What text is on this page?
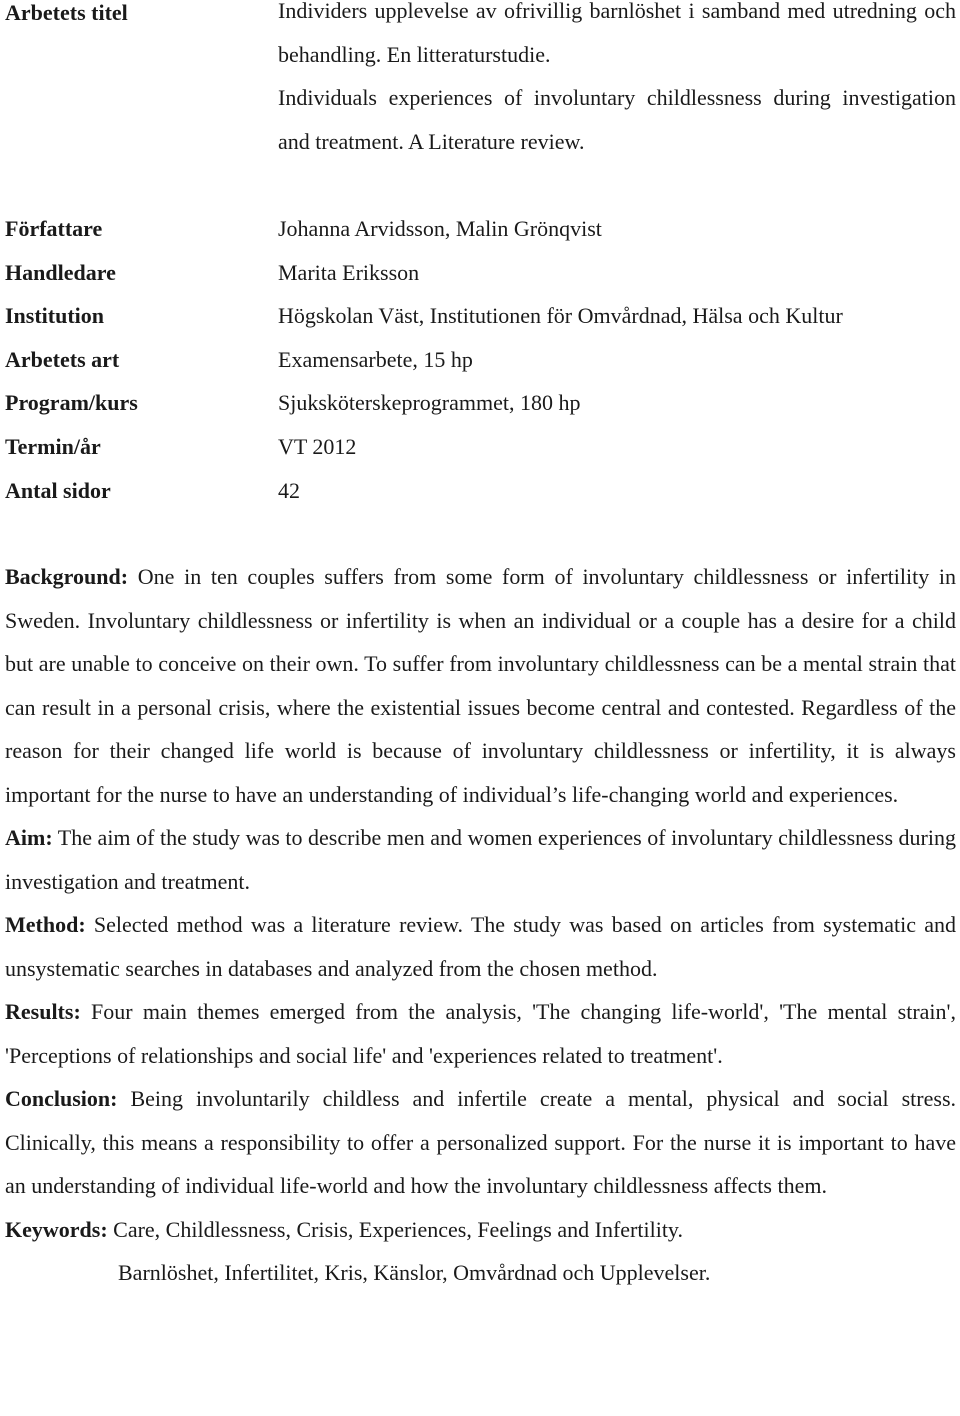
Arbetets titel	Individers upplevelse av ofrivillig barnlöshet i samband med utredning och behandling. En litteraturstudie.
Individuals experiences of involuntary childlessness during investigation and treatment. A Literature review.
Författare	Johanna Arvidsson, Malin Grönqvist
Handledare	Marita Eriksson
Institution	Högskolan Väst, Institutionen för Omvårdnad, Hälsa och Kultur
Arbetets art	Examensarbete, 15 hp
Program/kurs	Sjuksköterskeprogrammet, 180 hp
Termin/år	VT 2012
Antal sidor	42

Background: One in ten couples suffers from some form of involuntary childlessness or infertility in Sweden. Involuntary childlessness or infertility is when an individual or a couple has a desire for a child but are unable to conceive on their own. To suffer from involuntary childlessness can be a mental strain that can result in a personal crisis, where the existential issues become central and contested. Regardless of the reason for their changed life world is because of involuntary childlessness or infertility, it is always important for the nurse to have an understanding of individual’s life-changing world and experiences.

Aim: The aim of the study was to describe men and women experiences of involuntary childlessness during investigation and treatment.

Method: Selected method was a literature review. The study was based on articles from systematic and unsystematic searches in databases and analyzed from the chosen method.

Results: Four main themes emerged from the analysis, 'The changing life-world', 'The mental strain', 'Perceptions of relationships and social life' and 'experiences related to treatment'.

Conclusion: Being involuntarily childless and infertile create a mental, physical and social stress. Clinically, this means a responsibility to offer a personalized support. For the nurse it is important to have an understanding of individual life-world and how the involuntary childlessness affects them.

Keywords: Care, Childlessness, Crisis, Experiences, Feelings and Infertility.

Barnlöshet, Infertilitet, Kris, Känslor, Omvårdnad och Upplevelser.
